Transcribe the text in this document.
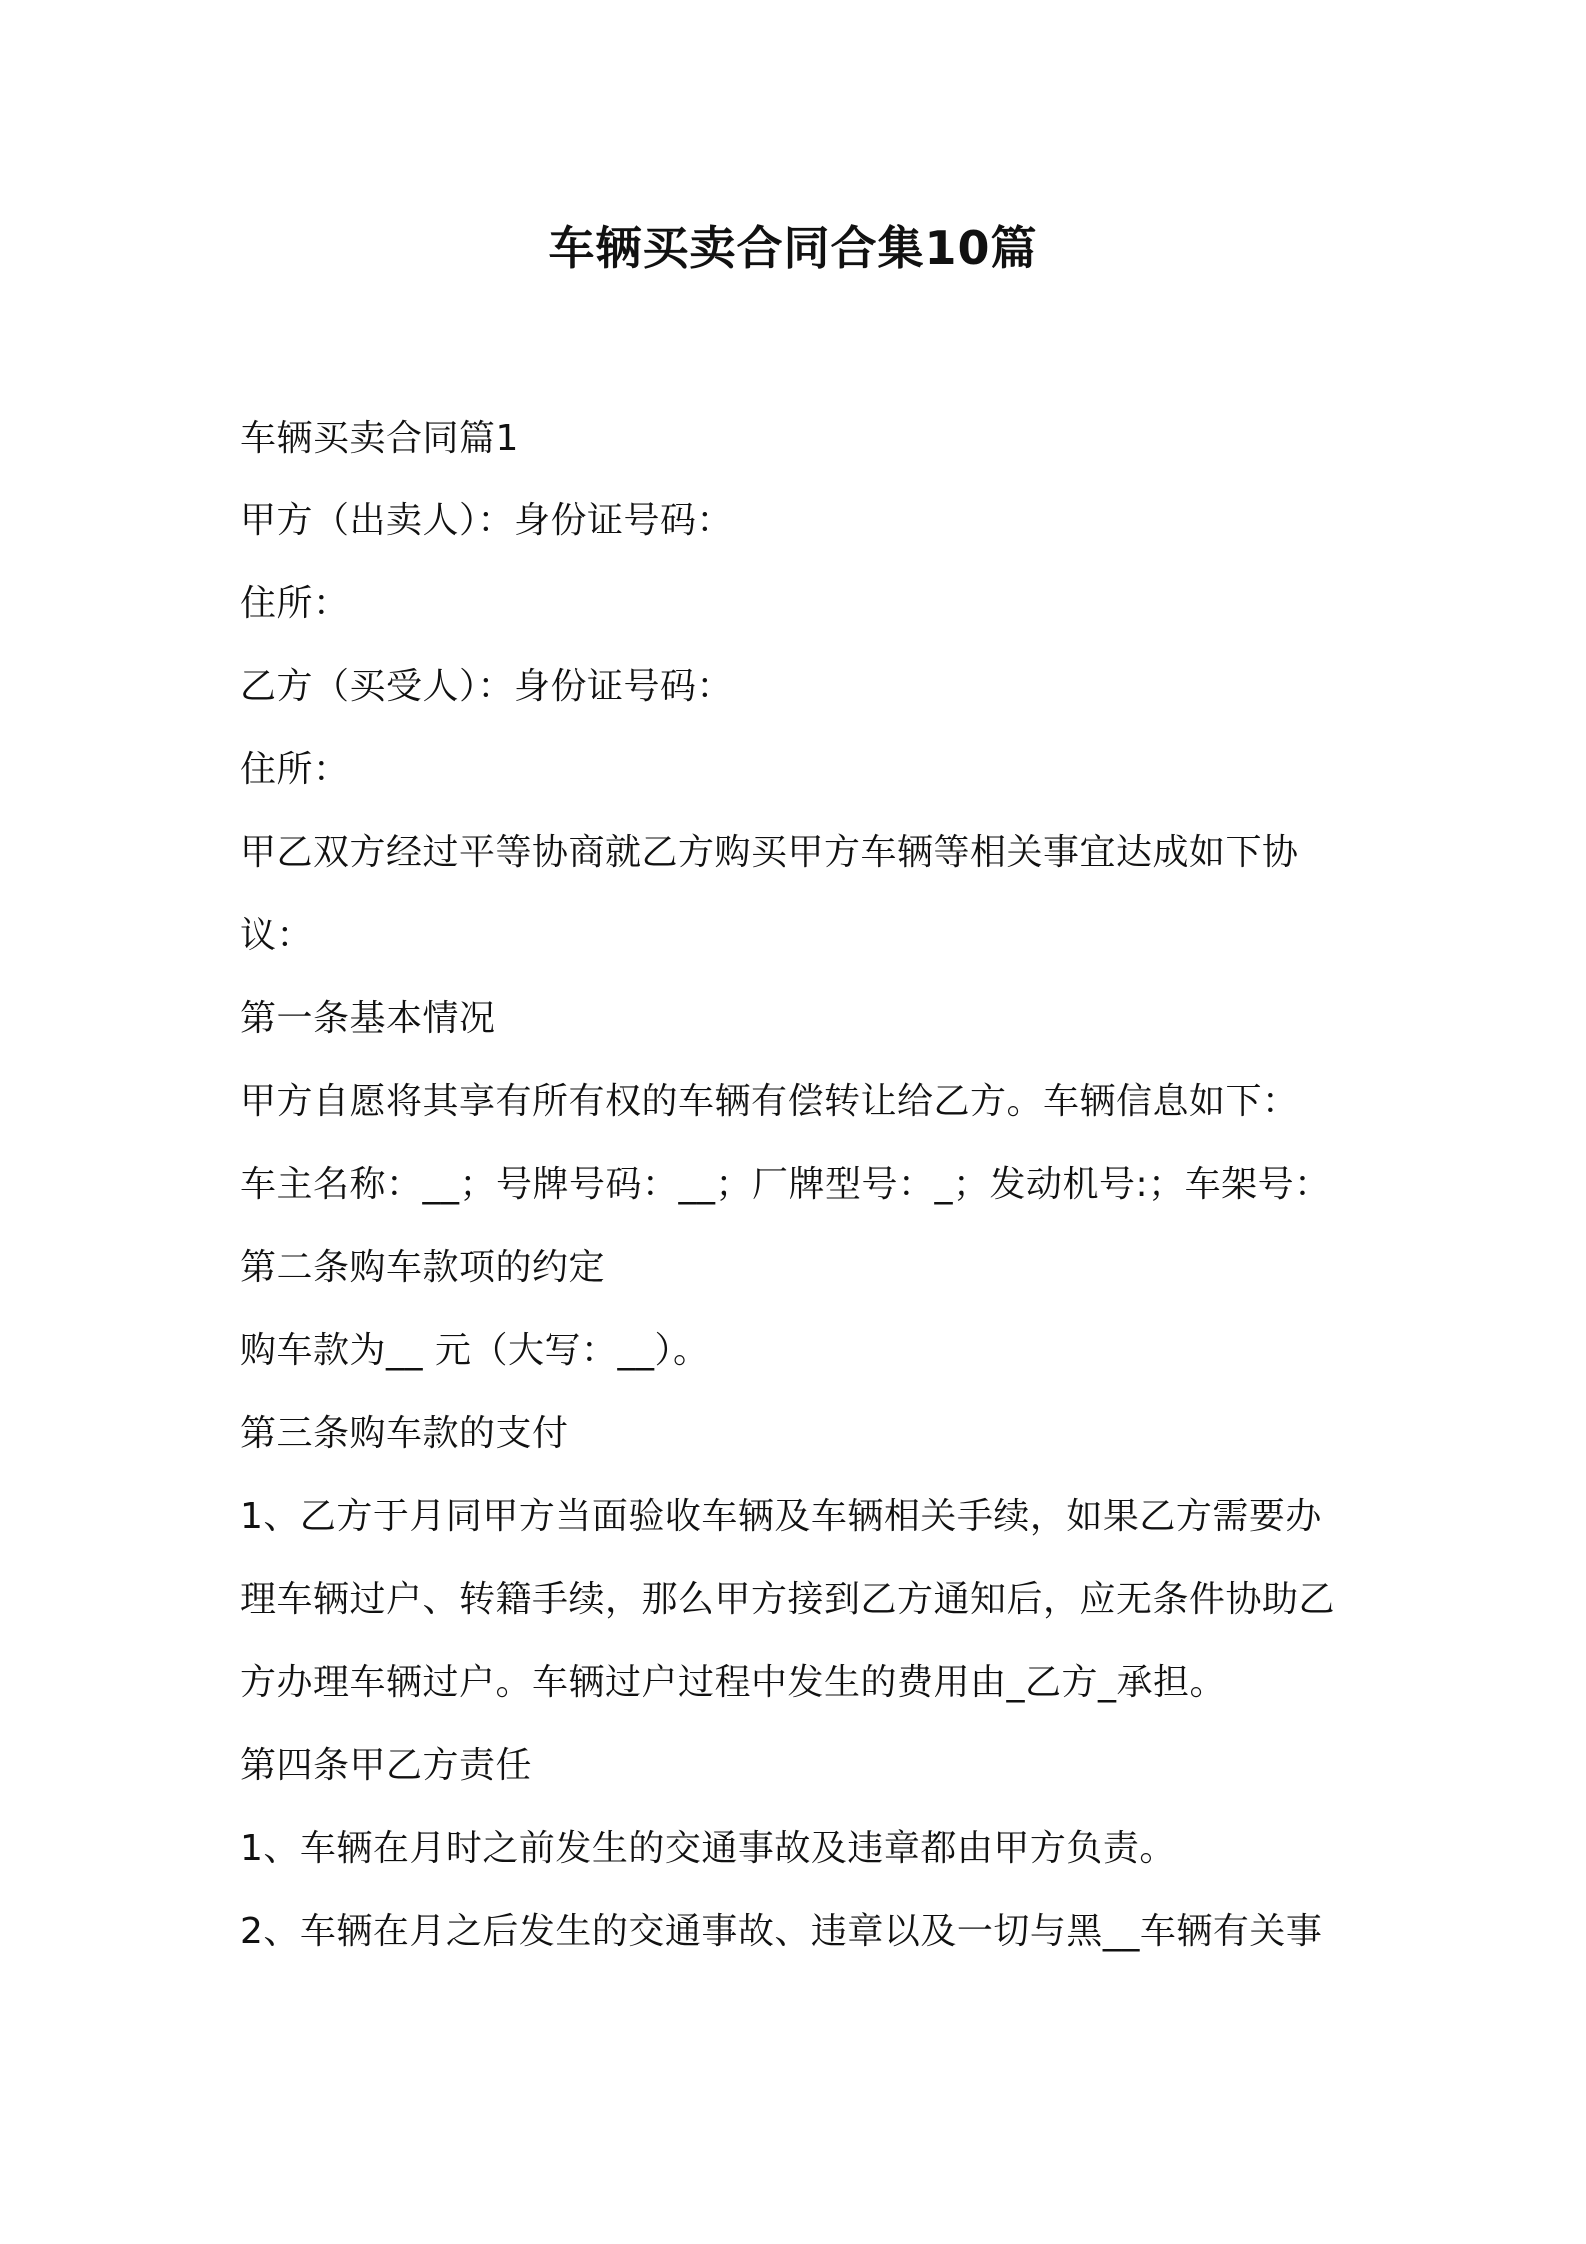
车辆买卖合同合集10篇
车辆买卖合同篇1
甲方（出卖人）：身份证号码：
住所：
乙方（买受人）：身份证号码：
住所：
甲乙双方经过平等协商就乙方购买甲方车辆等相关事宜达成如下协
议：
第一条基本情况
甲方自愿将其享有所有权的车辆有偿转让给乙方。车辆信息如下：
车主名称：__；号牌号码：__；厂牌型号：_；发动机号:；车架号：
第二条购车款项的约定
购车款为__ 元（大写：__）。
第三条购车款的支付
1、乙方于月同甲方当面验收车辆及车辆相关手续，如果乙方需要办
理车辆过户、转籍手续，那么甲方接到乙方通知后，应无条件协助乙
方办理车辆过户。车辆过户过程中发生的费用由_乙方_承担。
第四条甲乙方责任
1、车辆在月时之前发生的交通事故及违章都由甲方负责。
2、车辆在月之后发生的交通事故、违章以及一切与黑__车辆有关事
